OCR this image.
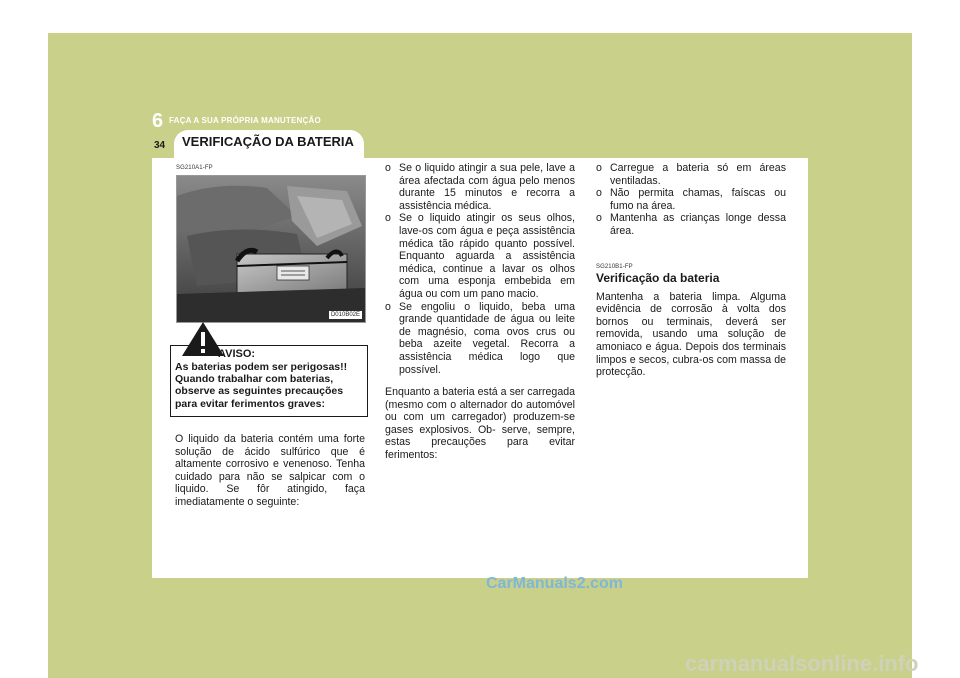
6 FAÇA A SUA PRÓPRIA MANUTENÇÃO
34 VERIFICAÇÃO DA BATERIA
SG210A1-FP
D010B02E
AVISO:
As baterias podem ser perigosas!! Quando trabalhar com baterias, observe as seguintes precauções para evitar ferimentos graves:
O liquido da bateria contém uma forte solução de ácido sulfúrico que é altamente corrosivo e venenoso. Tenha cuidado para não se salpicar com o liquido. Se fôr atingido, faça imediatamente o seguinte:
o Se o liquido atingir a sua pele, lave a área afectada com água pelo menos durante 15 minutos e recorra a assistência médica.
o Se o liquido atingir os seus olhos, lave-os com água e peça assistência médica tão rápido quanto possível. Enquanto aguarda a assistência médica, continue a lavar os olhos com uma esponja embebida em água ou com um pano macio.
o Se engoliu o liquido, beba uma grande quantidade de água ou leite de magnésio, coma ovos crus ou beba azeite vegetal. Recorra a assistência médica logo que possível.
Enquanto a bateria está a ser carregada (mesmo com o alternador do automóvel ou com um carregador) produzem-se gases explosivos. Ob- serve, sempre, estas precauções para evitar ferimentos:
o Carregue a bateria só em áreas ventiladas.
o Não permita chamas, faíscas ou fumo na área.
o Mantenha as crianças longe dessa área.
SG210B1-FP
Verificação da bateria
Mantenha a bateria limpa. Alguma evidência de corrosão à volta dos bornos ou terminais, deverá ser removida, usando uma solução de amoniaco e água. Depois dos terminais limpos e secos, cubra-os com massa de protecção.
CarManuals2.com
carmanualsonline.info
